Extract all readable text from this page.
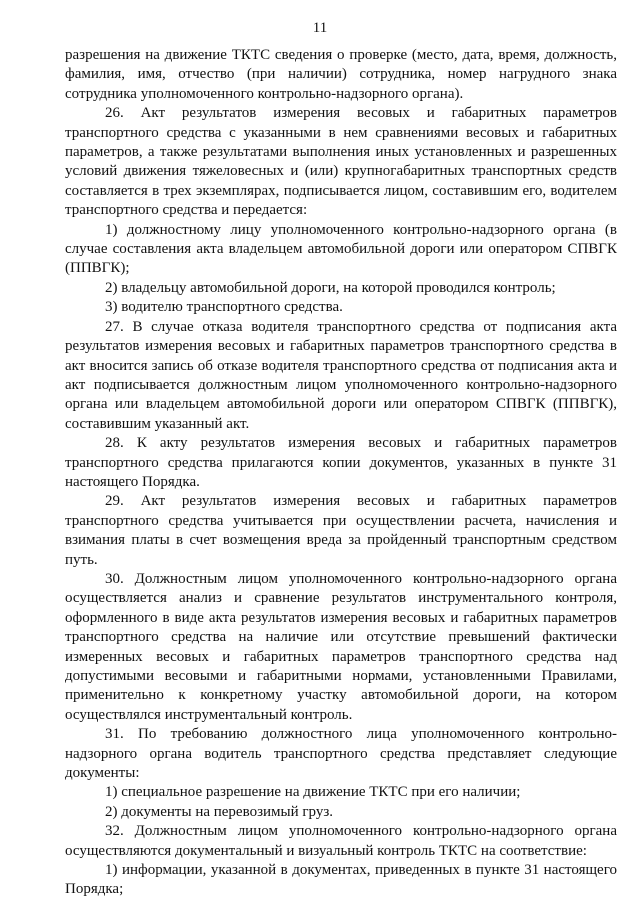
11

разрешения на движение ТКТС сведения о проверке (место, дата, время, должность, фамилия, имя, отчество (при наличии) сотрудника, номер нагрудного знака сотрудника уполномоченного контрольно-надзорного органа).

26. Акт результатов измерения весовых и габаритных параметров транспортного средства с указанными в нем сравнениями весовых и габаритных параметров, а также результатами выполнения иных установленных и разрешенных условий движения тяжеловесных и (или) крупногабаритных транспортных средств составляется в трех экземплярах, подписывается лицом, составившим его, водителем транспортного средства и передается:

1) должностному лицу уполномоченного контрольно-надзорного органа (в случае составления акта владельцем автомобильной дороги или оператором СПВГК (ППВГК);

2) владельцу автомобильной дороги, на которой проводился контроль;

3) водителю транспортного средства.

27. В случае отказа водителя транспортного средства от подписания акта результатов измерения весовых и габаритных параметров транспортного средства в акт вносится запись об отказе водителя транспортного средства от подписания акта и акт подписывается должностным лицом уполномоченного контрольно-надзорного органа или владельцем автомобильной дороги или оператором СПВГК (ППВГК), составившим указанный акт.

28. К акту результатов измерения весовых и габаритных параметров транспортного средства прилагаются копии документов, указанных в пункте 31 настоящего Порядка.

29. Акт результатов измерения весовых и габаритных параметров транспортного средства учитывается при осуществлении расчета, начисления и взимания платы в счет возмещения вреда за пройденный транспортным средством путь.

30. Должностным лицом уполномоченного контрольно-надзорного органа осуществляется анализ и сравнение результатов инструментального контроля, оформленного в виде акта результатов измерения весовых и габаритных параметров транспортного средства на наличие или отсутствие превышений фактически измеренных весовых и габаритных параметров транспортного средства над допустимыми весовыми и габаритными нормами, установленными Правилами, применительно к конкретному участку автомобильной дороги, на котором осуществлялся инструментальный контроль.

31. По требованию должностного лица уполномоченного контрольно-надзорного органа водитель транспортного средства представляет следующие документы:

1) специальное разрешение на движение ТКТС при его наличии;

2) документы на перевозимый груз.

32. Должностным лицом уполномоченного контрольно-надзорного органа осуществляются документальный и визуальный контроль ТКТС на соответствие:

1) информации, указанной в документах, приведенных в пункте 31 настоящего Порядка;
